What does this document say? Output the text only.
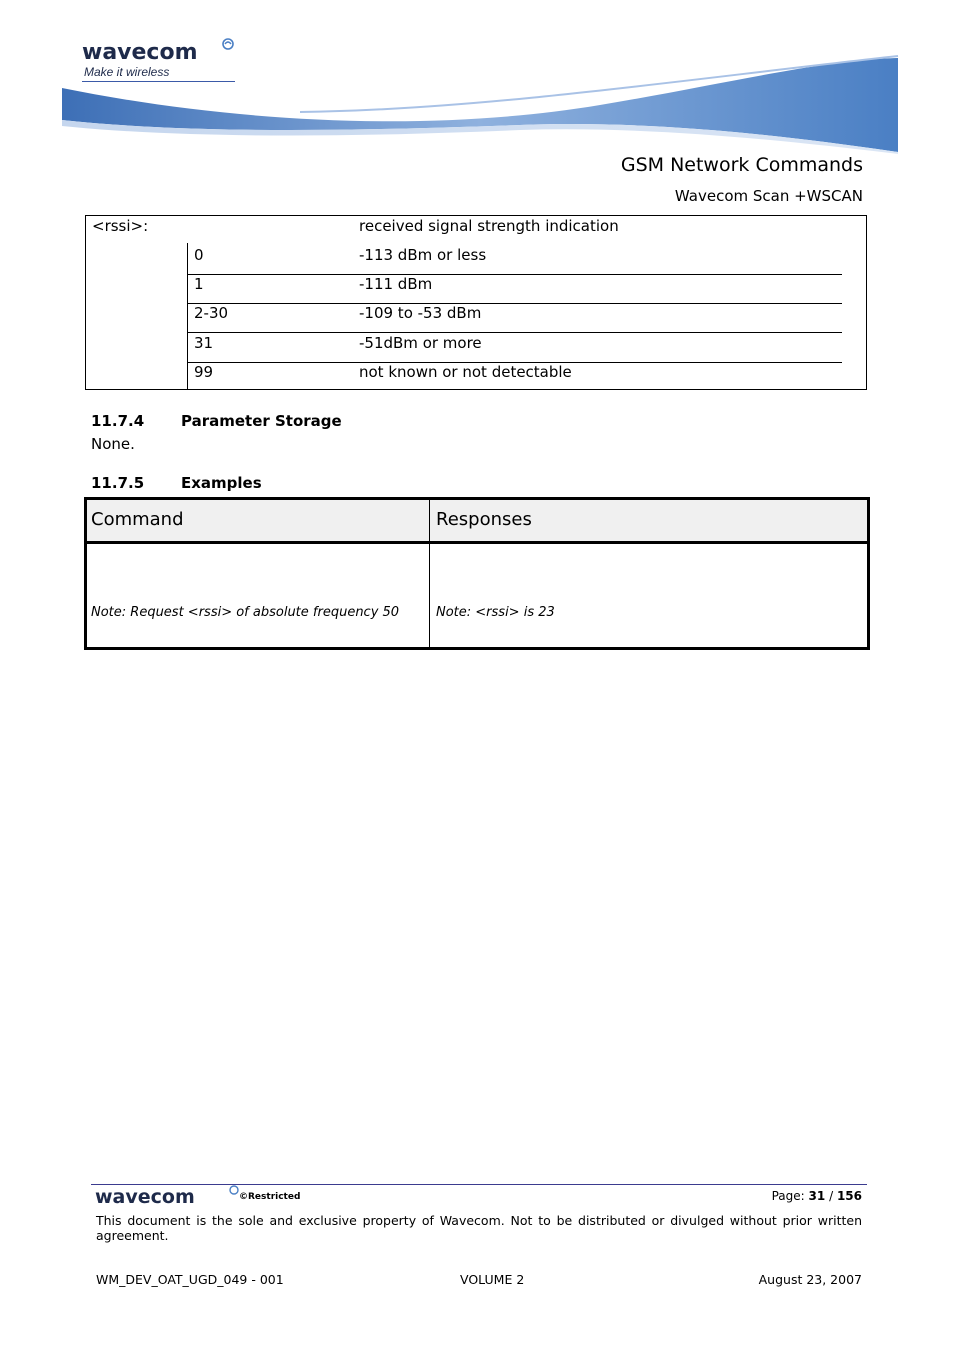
wavecom
Make it wireless
GSM Network Commands
Wavecom Scan +WSCAN
<rssi>:	received signal strength indication
0	-113 dBm or less
1	-111 dBm
2-30	-109 to -53 dBm
31	-51dBm or more
99	not known or not detectable
11.7.4 Parameter Storage
None.
11.7.5 Examples
Command	Responses
Note: Request <rssi> of absolute frequency 50	Note: <rssi> is 23
wavecom	©Restricted	Page: 31 / 156
This document is the sole and exclusive property of Wavecom. Not to be distributed or divulged without prior written agreement.
WM_DEV_OAT_UGD_049 - 001	VOLUME 2	August 23, 2007
